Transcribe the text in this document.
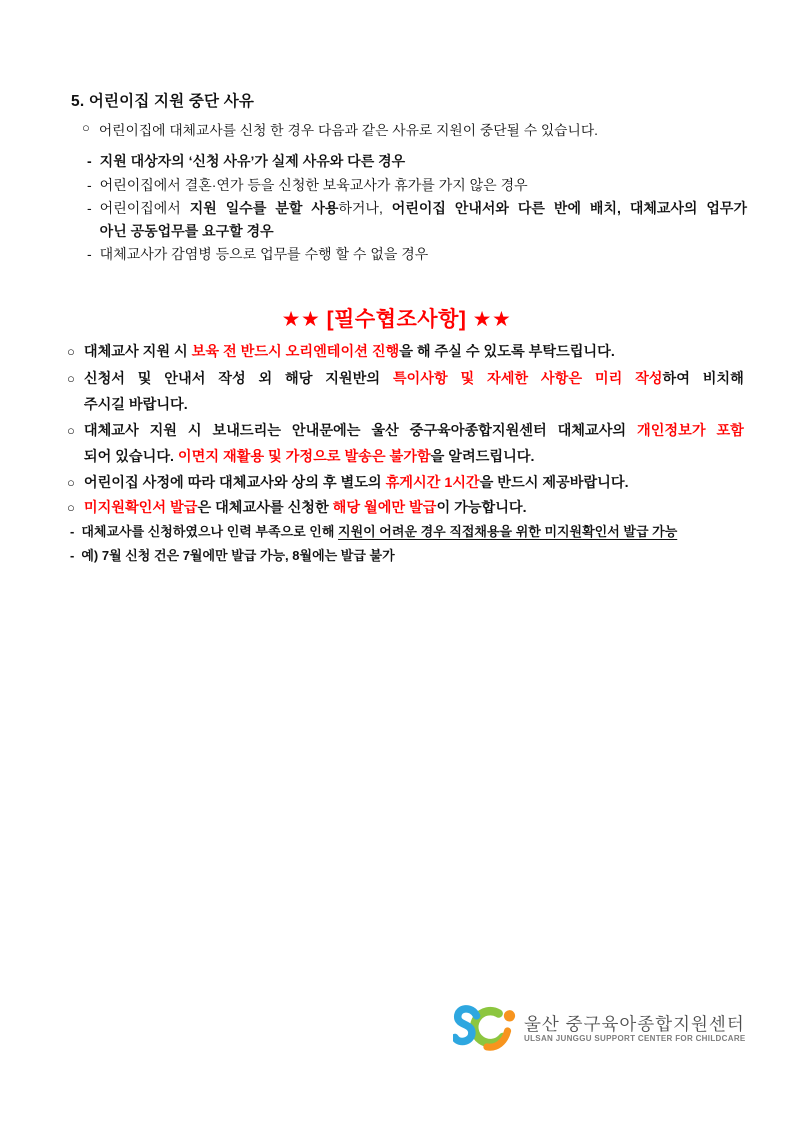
5. 어린이집 지원 중단 사유
○ 어린이집에 대체교사를 신청 한 경우 다음과 같은 사유로 지원이 중단될 수 있습니다.
- 지원 대상자의 ‘신청 사유’가 실제 사유와 다른 경우
- 어린이집에서 결혼·연가 등을 신청한 보육교사가 휴가를 가지 않은 경우
- 어린이집에서 지원 일수를 분할 사용하거나, 어린이집 안내서와 다른 반에 배치, 대체교사의 업무가
아닌 공동업무를 요구할 경우
- 대체교사가 감염병 등으로 업무를 수행 할 수 없을 경우
★★ [필수협조사항] ★★
○ 대체교사 지원 시 보육 전 반드시 오리엔테이션 진행을 해 주실 수 있도록 부탁드립니다.
○ 신청서 및 안내서 작성 외 해당 지원반의 특이사항 및 자세한 사항은 미리 작성하여 비치해
주시길 바랍니다.
○ 대체교사 지원 시 보내드리는 안내문에는 울산 중구육아종합지원센터 대체교사의 개인정보가 포함
되어 있습니다. 이면지 재활용 및 가정으로 발송은 불가함을 알려드립니다.
○ 어린이집 사정에 따라 대체교사와 상의 후 별도의 휴게시간 1시간을 반드시 제공바랍니다.
○ 미지원확인서 발급은 대체교사를 신청한 해당 월에만 발급이 가능합니다.
- 대체교사를 신청하였으나 인력 부족으로 인해 지원이 어려운 경우 직접채용을 위한 미지원확인서 발급 가능
- 예) 7월 신청 건은 7월에만 발급 가능, 8월에는 발급 불가
울산 중구육아종합지원센터
ULSAN JUNGGU SUPPORT CENTER FOR CHILDCARE
